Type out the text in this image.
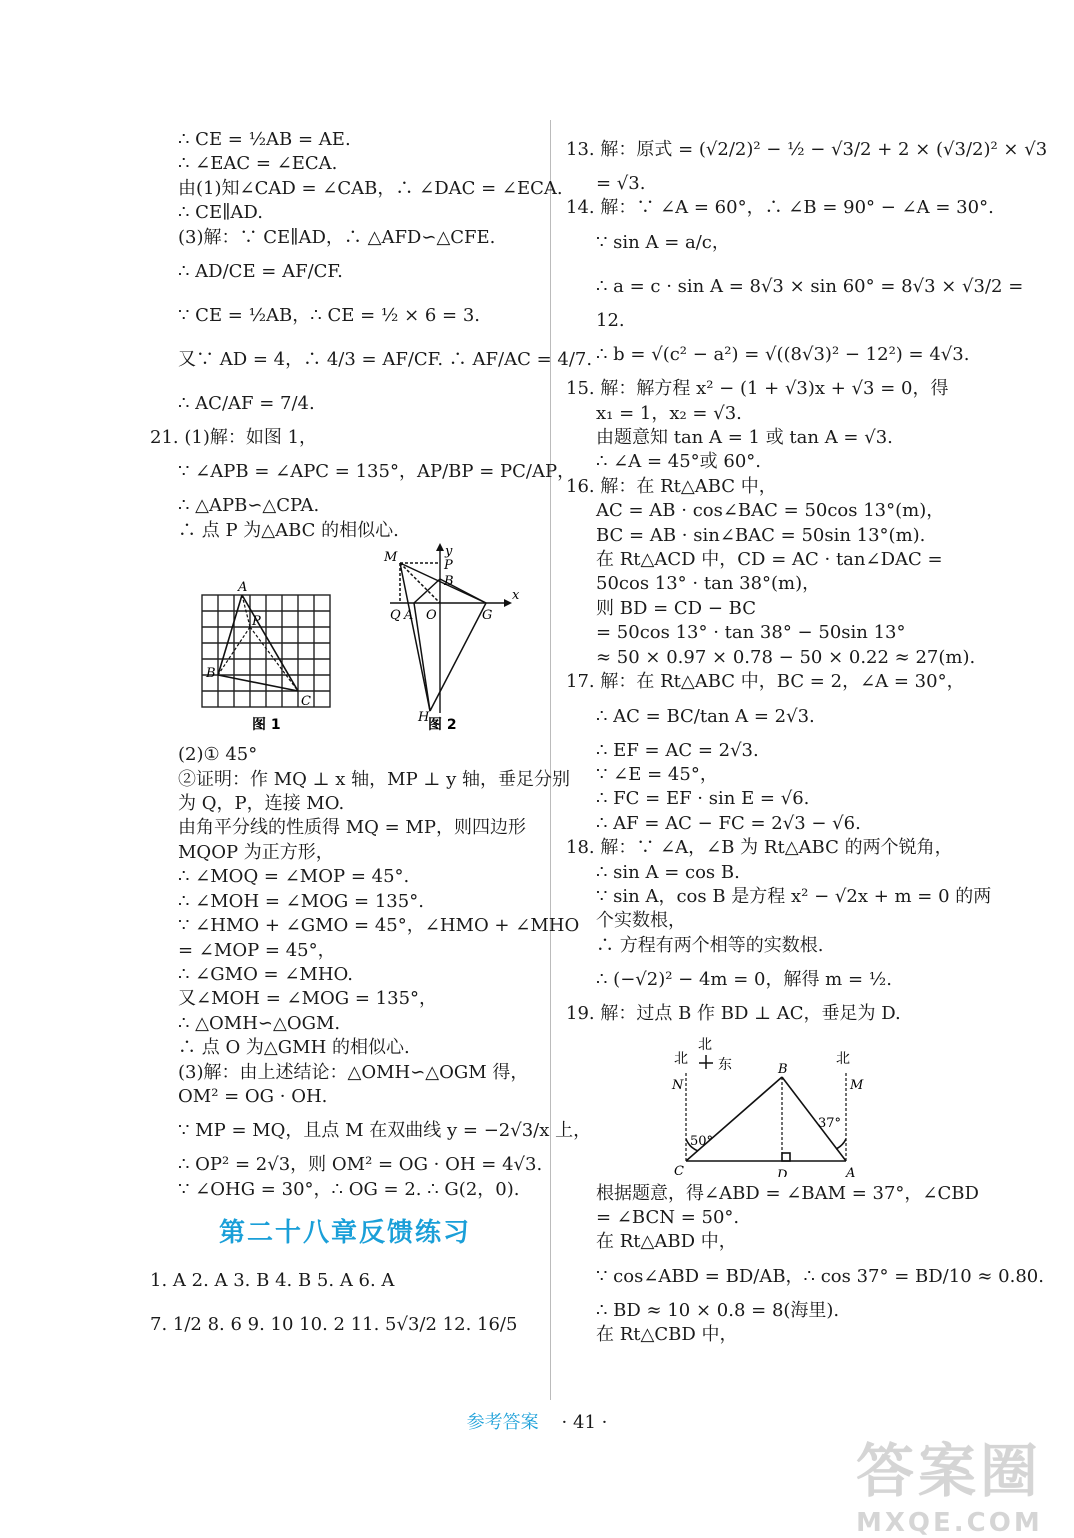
∴ CE = ½AB = AE.
∴ ∠EAC = ∠ECA.
由(1)知∠CAD = ∠CAB，∴ ∠DAC = ∠ECA.
∴ CE∥AD.
(3)解：∵ CE∥AD，∴ △AFD∽△CFE.
∴ AD/CE = AF/CF.
∵ CE = ½AB，∴ CE = ½ × 6 = 3.
又∵ AD = 4，∴ 4/3 = AF/CF. ∴ AF/AC = 4/7.
∴ AC/AF = 7/4.
21. (1)解：如图 1，
∵ ∠APB = ∠APC = 135°，AP/BP = PC/AP，
∴ △APB∽△CPA.
∴ 点 P 为△ABC 的相似心.
A
P
B
C
图 1
M	y
P
B
x
Q A O	G
H
图 2
(2)① 45°
②证明：作 MQ ⊥ x 轴，MP ⊥ y 轴，垂足分别
为 Q，P，连接 MO.
由角平分线的性质得 MQ = MP，则四边形
MQOP 为正方形，
∴ ∠MOQ = ∠MOP = 45°.
∴ ∠MOH = ∠MOG = 135°.
∵ ∠HMO + ∠GMO = 45°，∠HMO + ∠MHO
= ∠MOP = 45°，
∴ ∠GMO = ∠MHO.
又∠MOH = ∠MOG = 135°，
∴ △OMH∽△OGM.
∴ 点 O 为△GMH 的相似心.
(3)解：由上述结论：△OMH∽△OGM 得，
OM² = OG · OH.
∵ MP = MQ，且点 M 在双曲线 y = −2√3/x 上，
∴ OP² = 2√3，则 OM² = OG · OH = 4√3.
∵ ∠OHG = 30°，∴ OG = 2. ∴ G(2，0).
第二十八章反馈练习
1. A 2. A 3. B 4. B 5. A 6. A
7. 1/2 8. 6 9. 10 10. 2 11. 5√3/2 12. 16/5
13. 解：原式 = (√2/2)² − ½ − √3/2 + 2 × (√3/2)² × √3
= √3.
14. 解：∵ ∠A = 60°，∴ ∠B = 90° − ∠A = 30°.
∵ sin A = a/c，
∴ a = c · sin A = 8√3 × sin 60° = 8√3 × √3/2 =
12.
∴ b = √(c² − a²) = √((8√3)² − 12²) = 4√3.
15. 解：解方程 x² − (1 + √3)x + √3 = 0，得
x₁ = 1，x₂ = √3.
由题意知 tan A = 1 或 tan A = √3.
∴ ∠A = 45°或 60°.
16. 解：在 Rt△ABC 中，
AC = AB · cos∠BAC = 50cos 13°(m)，
BC = AB · sin∠BAC = 50sin 13°(m).
在 Rt△ACD 中，CD = AC · tan∠DAC =
50cos 13° · tan 38°(m)，
则 BD = CD − BC
= 50cos 13° · tan 38° − 50sin 13°
≈ 50 × 0.97 × 0.78 − 50 × 0.22 ≈ 27(m).
17. 解：在 Rt△ABC 中，BC = 2，∠A = 30°，
∴ AC = BC/tan A = 2√3.
∴ EF = AC = 2√3.
∵ ∠E = 45°，
∴ FC = EF · sin E = √6.
∴ AF = AC − FC = 2√3 − √6.
18. 解：∵ ∠A，∠B 为 Rt△ABC 的两个锐角，
∴ sin A = cos B.
∵ sin A，cos B 是方程 x² − √2x + m = 0 的两
个实数根，
∴ 方程有两个相等的实数根.
∴ (−√2)² − 4m = 0，解得 m = ½.
19. 解：过点 B 作 BD ⊥ AC，垂足为 D.
北
北	北
东
N	M
B
C	D	A
50°
37°
根据题意，得∠ABD = ∠BAM = 37°，∠CBD
= ∠BCN = 50°.
在 Rt△ABD 中，
∵ cos∠ABD = BD/AB，∴ cos 37° = BD/10 ≈ 0.80.
∴ BD ≈ 10 × 0.8 = 8(海里).
在 Rt△CBD 中，
参考答案 · 41 ·
答案圈
MXQE.COM
